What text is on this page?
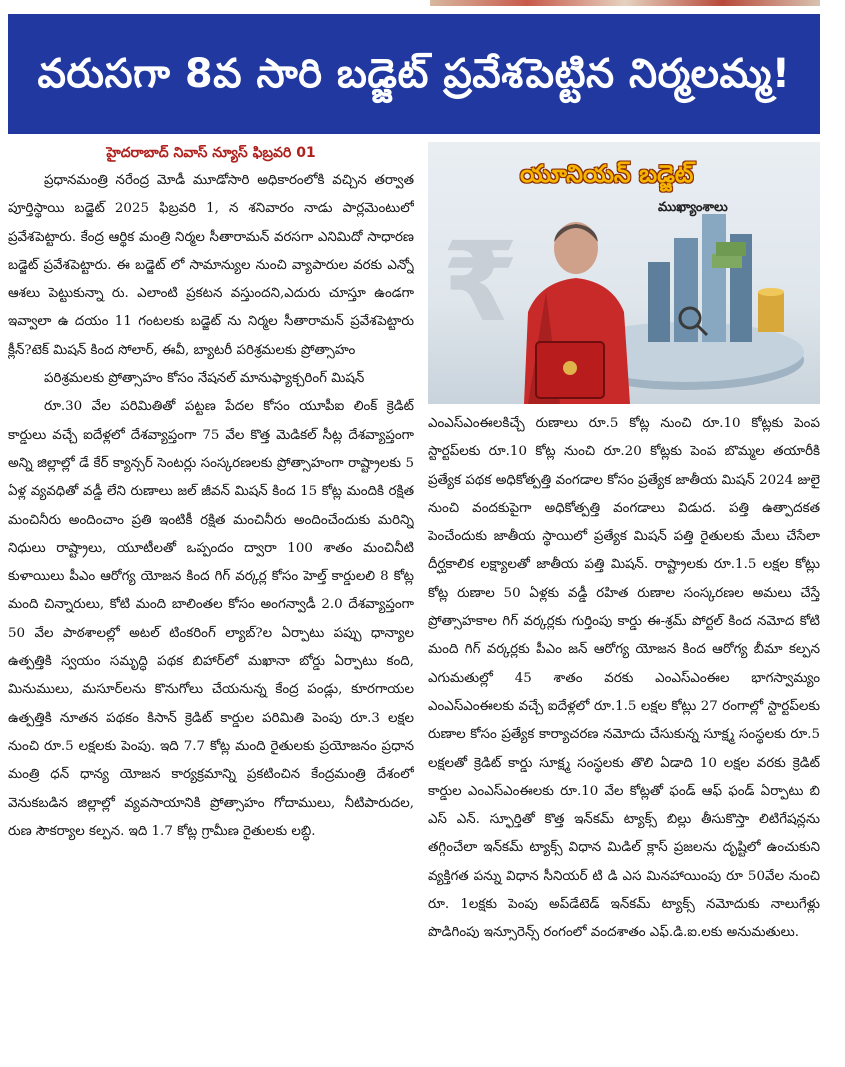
వరుసగా 8వ సారి బడ్జెట్ ప్రవేశపెట్టిన నిర్మలమ్మ!
హైదరాబాద్ నివాస్ న్యూస్ ఫిబ్రవరి 01

ప్రధానమంత్రి నరేంద్ర మోడీ మూడోసారి అధికారంలోకి వచ్చిన తర్వాత పూర్తిస్థాయి బడ్జెట్ 2025 ఫిబ్రవరి 1, న శనివారం నాడు పార్లమెంటులో ప్రవేశపెట్టారు. కేంద్ర ఆర్థిక మంత్రి నిర్మల సీతారామన్ వరసగా ఎనిమిదో సాధారణ బడ్జెట్ ప్రవేశపెట్టారు. ఈ బడ్జెట్ లో సామాన్యుల నుంచి వ్యాపారుల వరకు ఎన్నో ఆశలు పెట్టుకున్నా రు. ఎలాంటి ప్రకటన వస్తుందని,ఎదురు చూస్తూ ఉండగా ఇవ్వాలా ఉ దయం 11 గంటలకు బడ్జెట్ ను నిర్మల సీతారామన్ ప్రవేశపెట్టారు క్లీన్?టెక్ మిషన్ కింద సోలార్, ఈవీ, బ్యాటరీ పరిశ్రమలకు ప్రోత్సాహం

పరిశ్రమలకు ప్రోత్సాహం కోసం నేషనల్ మానుఫ్యాక్చరింగ్ మిషన్

రూ.30 వేల పరిమితితో పట్టణ పేదల కోసం యూపీఐ లింక్ క్రెడిట్ కార్డులు వచ్చే ఐదేళ్లలో దేశవ్యాప్తంగా 75 వేల కొత్త మెడికల్ సీట్ల దేశవ్యాప్తంగా అన్ని జిల్లాల్లో డే కేర్ క్యాన్సర్ సెంటర్లు సంస్కరణలకు ప్రోత్సాహంగా రాష్ట్రాలకు 5 ఏళ్ల వ్యవధితో వడ్డీ లేని రుణాలు జల్ జీవన్ మిషన్ కింద 15 కోట్ల మందికి రక్షిత మంచినీరు అందించాం ప్రతి ఇంటికీ రక్షిత మంచినీరు అందించేందుకు మరిన్ని నిధులు రాష్ట్రాలు, యూటీలతో ఒప్పందం ద్వారా 100 శాతం మంచినీటి కుళాయిలు పీఎం ఆరోగ్య యోజన కింద గిగ్ వర్కర్ల కోసం హెల్త్ కార్డులలి 8 కోట్ల మంది చిన్నారులు, కోటి మంది బాలింతల కోసం అంగన్వాడీ 2.0 దేశవ్యాప్తంగా 50 వేల పాఠశాలల్లో అటల్ టింకరింగ్ ల్యాబ్?ల ఏర్పాటు పప్పు ధాన్యాల ఉత్పత్తికి స్వయం సమృద్ధి పథక బిహార్‌లో మఖానా బోర్డు ఏర్పాటు కంది, మినుములు, మసూర్‌లను కొనుగోలు చేయనున్న కేంద్ర పండ్లు, కూరగాయల ఉత్పత్తికి నూతన పథకం కిసాన్ క్రెడిట్ కార్డుల పరిమితి పెంపు రూ.3 లక్షల నుంచి రూ.5 లక్షలకు పెంపు. ఇది 7.7 కోట్ల మంది రైతులకు ప్రయోజనం ప్రధాన మంత్రి ధన్ ధాన్య యోజన కార్యక్రమాన్ని ప్రకటించిన కేంద్రమంత్రి దేశంలో వెనుకబడిన జిల్లాల్లో వ్యవసాయానికి ప్రోత్సాహం గోదాములు, నీటిపారుదల, రుణ సౌకర్యాల కల్పన. ఇది 1.7 కోట్ల గ్రామీణ రైతులకు లబ్ధి.

₹
యూనియన్ బడ్జెట్
ముఖ్యాంశాలు

ఎంఎస్ఎంఈలకిచ్చే రుణాలు రూ.5 కోట్ల నుంచి రూ.10 కోట్లకు పెంప స్టార్టప్‌లకు రూ.10 కోట్ల నుంచి రూ.20 కోట్లకు పెంప బొమ్మల తయారీకి ప్రత్యేక పథక అధికోత్పత్తి వంగడాల కోసం ప్రత్యేక జాతీయ మిషన్ 2024 జులై నుంచి వందకుపైగా అధికోత్పత్తి వంగడాలు విడుద. పత్తి ఉత్పాదకత పెంచేందుకు జాతీయ స్థాయిలో ప్రత్యేక మిషన్ పత్తి రైతులకు మేలు చేసేలా దీర్ఘకాలిక లక్ష్యాలతో జాతీయ పత్తి మిషన్. రాష్ట్రాలకు రూ.1.5 లక్షల కోట్లు కోట్ల రుణాల 50 ఏళ్లకు వడ్డీ రహిత రుణాల సంస్కరణల అమలు చేస్తే ప్రోత్సాహకాల గిగ్ వర్కర్లకు గుర్తింపు కార్డు ఈ-శ్రమ్ పోర్టల్ కింద నమోద కోటి మంది గిగ్ వర్కర్లకు పీఎం జన్ ఆరోగ్య యోజన కింద ఆరోగ్య బీమా కల్పన ఎగుమతుల్లో 45 శాతం వరకు ఎంఎస్ఎంఈల భాగస్వామ్యం ఎంఎస్ఎంఈలకు వచ్చే ఐదేళ్లలో రూ.1.5 లక్షల కోట్లు 27 రంగాల్లో స్టార్టప్‌లకు రుణాల కోసం ప్రత్యేక కార్యాచరణ నమోదు చేసుకున్న సూక్ష్మ సంస్థలకు రూ.5 లక్షలతో క్రెడిట్ కార్డు సూక్ష్మ సంస్థలకు తొలి ఏడాది 10 లక్షల వరకు క్రెడిట్ కార్డుల ఎంఎస్ఎంఈలకు రూ.10 వేల కోట్లతో ఫండ్ ఆఫ్ ఫండ్ ఏర్పాటు బి ఎస్ ఎన్. స్ఫూర్తితో కొత్త ఇన్‌కమ్ ట్యాక్స్ బిల్లు తీసుకొస్తా లిటిగేషన్లను తగ్గించేలా ఇన్‌కమ్ ట్యాక్స్ విధాన మిడిల్ క్లాస్ ప్రజలను దృష్టిలో ఉంచుకుని వ్యక్తిగత పన్ను విధాన సీనియర్ టి డి ఎస మినహాయింపు రూ 50వేల నుంచి రూ. 1లక్షకు పెంపు అప్‌డేటెడ్ ఇన్‌కమ్ ట్యాక్స్ నమోదుకు నాలుగేళ్లు పొడిగింపు ఇన్సూరెన్స్ రంగంలో వందశాతం ఎఫ్.డి.ఐ.లకు అనుమతులు.
